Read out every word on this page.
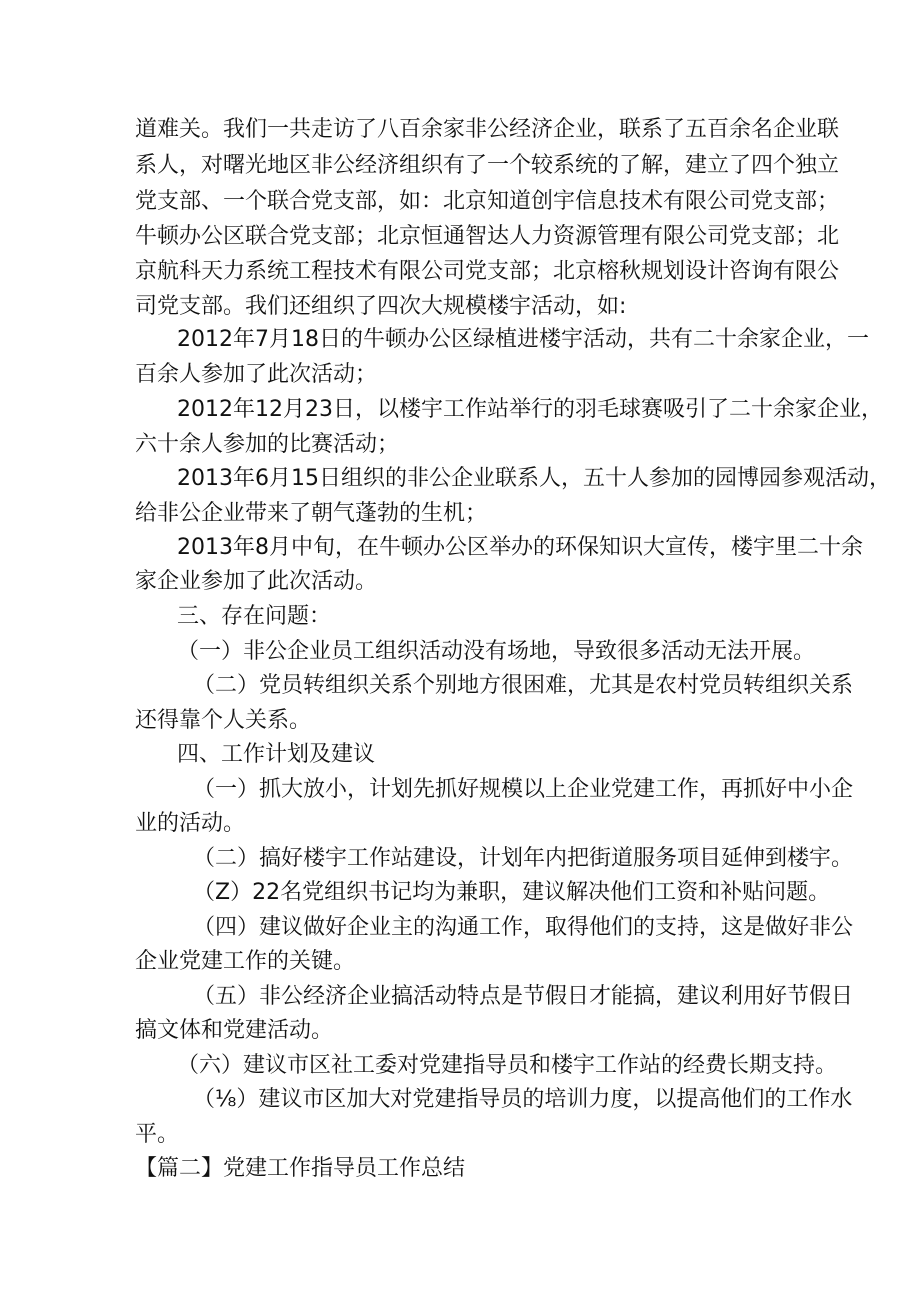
道难关。我们一共走访了八百余家非公经济企业，联系了五百余名企业联
系人，对曙光地区非公经济组织有了一个较系统的了解，建立了四个独立
党支部、一个联合党支部，如：北京知道创宇信息技术有限公司党支部；
牛顿办公区联合党支部；北京恒通智达人力资源管理有限公司党支部；北
京航科天力系统工程技术有限公司党支部；北京榕秋规划设计咨询有限公
司党支部。我们还组织了四次大规模楼宇活动，如:
2012年7月18日的牛顿办公区绿植进楼宇活动，共有二十余家企业，一
百余人参加了此次活动；
2012年12月23日，以楼宇工作站举行的羽毛球赛吸引了二十余家企业，
六十余人参加的比赛活动；
2013年6月15日组织的非公企业联系人，五十人参加的园博园参观活动，
给非公企业带来了朝气蓬勃的生机；
2013年8月中旬，在牛顿办公区举办的环保知识大宣传，楼宇里二十余
家企业参加了此次活动。
三、存在问题：
（一）非公企业员工组织活动没有场地，导致很多活动无法开展。
（二）党员转组织关系个别地方很困难，尤其是农村党员转组织关系
还得靠个人关系。
四、工作计划及建议
（一）抓大放小，计划先抓好规模以上企业党建工作，再抓好中小企
业的活动。
（二）搞好楼宇工作站建设，计划年内把街道服务项目延伸到楼宇。
（Z）22名党组织书记均为兼职，建议解决他们工资和补贴问题。
（四）建议做好企业主的沟通工作，取得他们的支持，这是做好非公
企业党建工作的关键。
（五）非公经济企业搞活动特点是节假日才能搞，建议利用好节假日
搞文体和党建活动。
（六）建议市区社工委对党建指导员和楼宇工作站的经费长期支持。
（⅛）建议市区加大对党建指导员的培训力度，以提高他们的工作水
平。
【篇二】党建工作指导员工作总结
